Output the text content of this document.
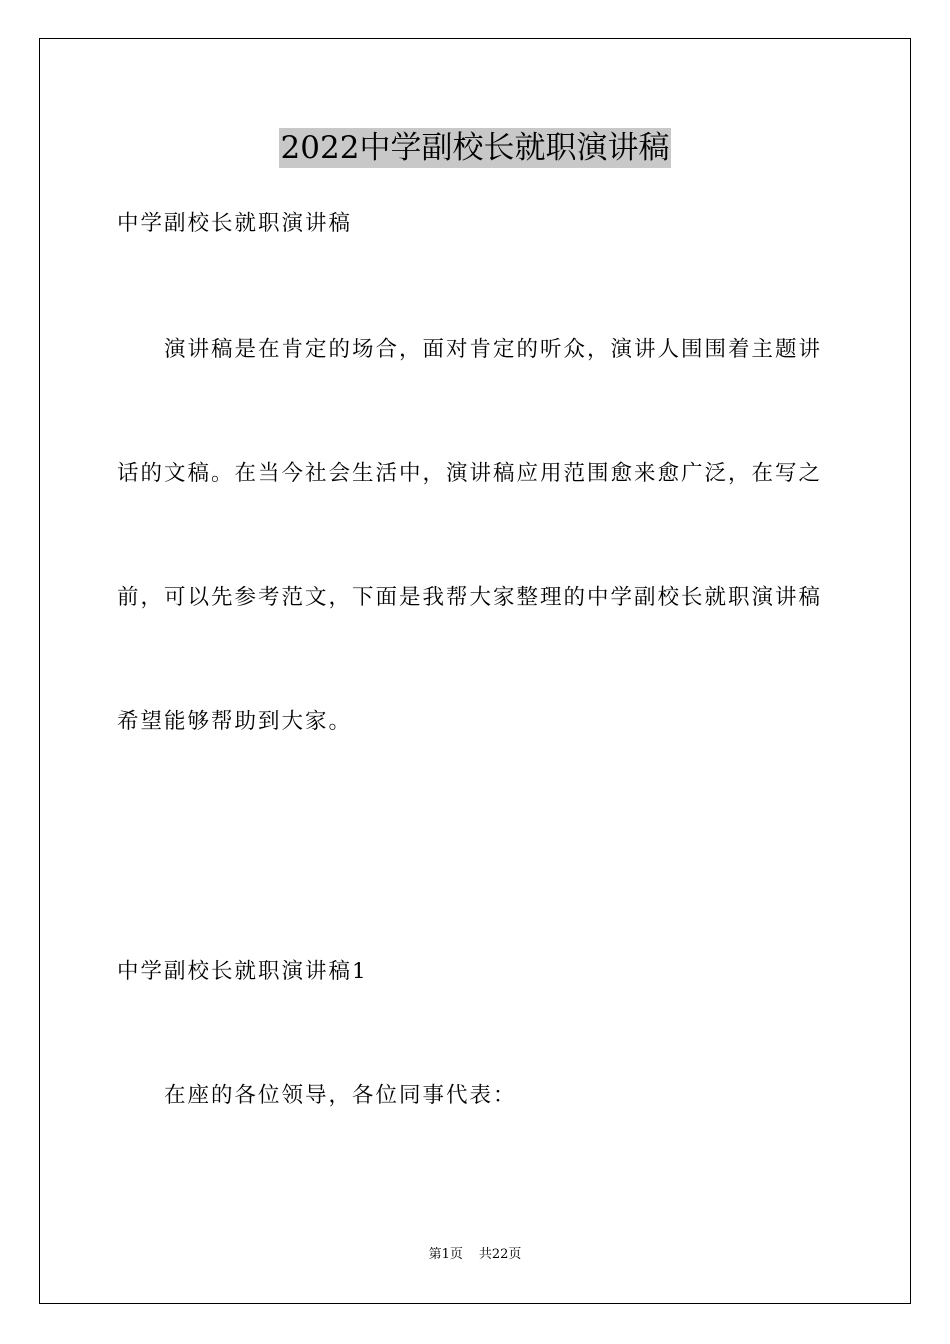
2022中学副校长就职演讲稿
中学副校长就职演讲稿
演讲稿是在肯定的场合，面对肯定的听众，演讲人围围着主题讲
话的文稿。在当今社会生活中，演讲稿应用范围愈来愈广泛，在写之
前，可以先参考范文，下面是我帮大家整理的中学副校长就职演讲稿
希望能够帮助到大家。
中学副校长就职演讲稿1
在座的各位领导，各位同事代表：
第1页 共22页
